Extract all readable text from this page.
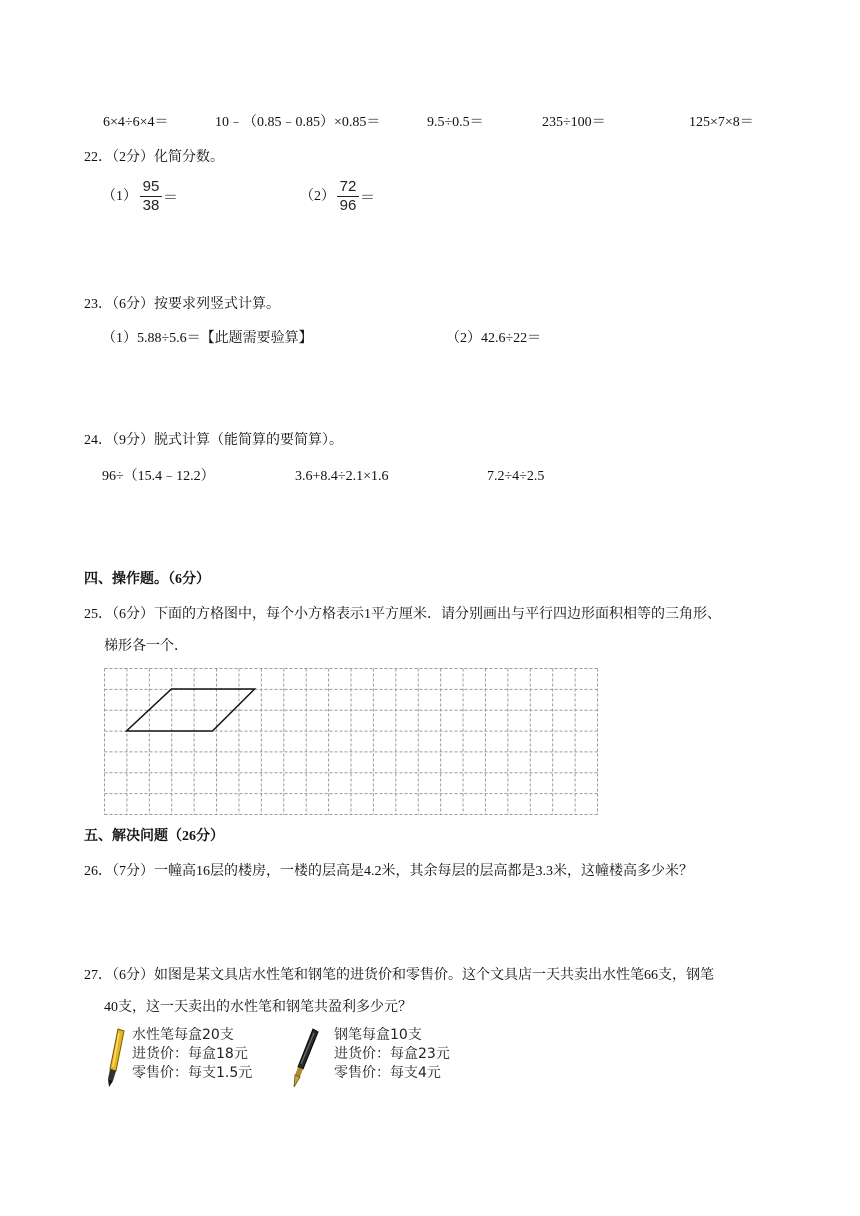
6×4÷6×4＝	10﹣（0.85﹣0.85）×0.85＝	9.5÷0.5＝	235÷100＝	125×7×8＝
22．（2分）化简分数。
（1）
95
38 ＝	（2）
72
96 ＝
23．（6分）按要求列竖式计算。
（1）5.88÷5.6＝【此题需要验算】	（2）42.6÷22＝
24．（9分）脱式计算（能简算的要简算）。
96÷（15.4﹣12.2）	3.6+8.4÷2.1×1.6	7.2÷4÷2.5
四、操作题。（6分）
25．（6分）下面的方格图中，每个小方格表示1平方厘米．请分别画出与平行四边形面积相等的三角形、
梯形各一个．
五、解决问题（26分）
26．（7分）一幢高16层的楼房，一楼的层高是4.2米，其余每层的层高都是3.3米，这幢楼高多少米？
27．（6分）如图是某文具店水性笔和钢笔的进货价和零售价。这个文具店一天共卖出水性笔66支，钢笔
40支，这一天卖出的水性笔和钢笔共盈利多少元？
水性笔每盒20支
进货价：每盒18元
零售价：每支1.5元
钢笔每盒10支
进货价：每盒23元
零售价：每支4元
